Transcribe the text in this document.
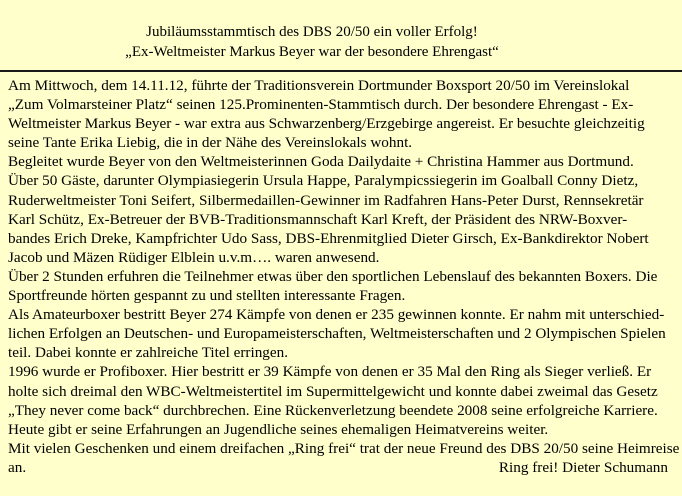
Jubiläumsstammtisch des DBS 20/50 ein voller Erfolg!
„Ex-Weltmeister Markus Beyer war der besondere Ehrengast“
Am Mittwoch, dem 14.11.12, führte der Traditionsverein Dortmunder Boxsport 20/50 im Vereinslokal
„Zum Volmarsteiner Platz“ seinen 125.Prominenten-Stammtisch durch. Der besondere Ehrengast - Ex-
Weltmeister Markus Beyer - war extra aus Schwarzenberg/Erzgebirge angereist. Er besuchte gleichzeitig
seine Tante Erika Liebig, die in der Nähe des Vereinslokals wohnt.
Begleitet wurde Beyer von den Weltmeisterinnen Goda Dailydaite + Christina Hammer aus Dortmund.
Über 50 Gäste, darunter Olympiasiegerin Ursula Happe, Paralympicssiegerin im Goalball Conny Dietz,
Ruderweltmeister Toni Seifert, Silbermedaillen-Gewinner im Radfahren Hans-Peter Durst, Rennsekretär
Karl Schütz, Ex-Betreuer der BVB-Traditionsmannschaft Karl Kreft, der Präsident des NRW-Boxver-
bandes Erich Dreke, Kampfrichter Udo Sass, DBS-Ehrenmitglied Dieter Girsch, Ex-Bankdirektor Nobert
Jacob und Mäzen Rüdiger Elblein u.v.m…. waren anwesend.
Über 2 Stunden erfuhren die Teilnehmer etwas über den sportlichen Lebenslauf des bekannten Boxers. Die
Sportfreunde hörten gespannt zu und stellten interessante Fragen.
Als Amateurboxer bestritt Beyer 274 Kämpfe von denen er 235 gewinnen konnte. Er nahm mit unterschied-
lichen Erfolgen an Deutschen- und Europameisterschaften, Weltmeisterschaften und 2 Olympischen Spielen
teil. Dabei konnte er zahlreiche Titel erringen.
1996 wurde er Profiboxer. Hier bestritt er 39 Kämpfe von denen er 35 Mal den Ring als Sieger verließ. Er
holte sich dreimal den WBC-Weltmeistertitel im Supermittelgewicht und konnte dabei zweimal das Gesetz
„They never come back“ durchbrechen. Eine Rückenverletzung beendete 2008 seine erfolgreiche Karriere.
Heute gibt er seine Erfahrungen an Jugendliche seines ehemaligen Heimatvereins weiter.
Mit vielen Geschenken und einem dreifachen „Ring frei“ trat der neue Freund des DBS 20/50 seine Heimreise
an.	Ring frei! Dieter Schumann
